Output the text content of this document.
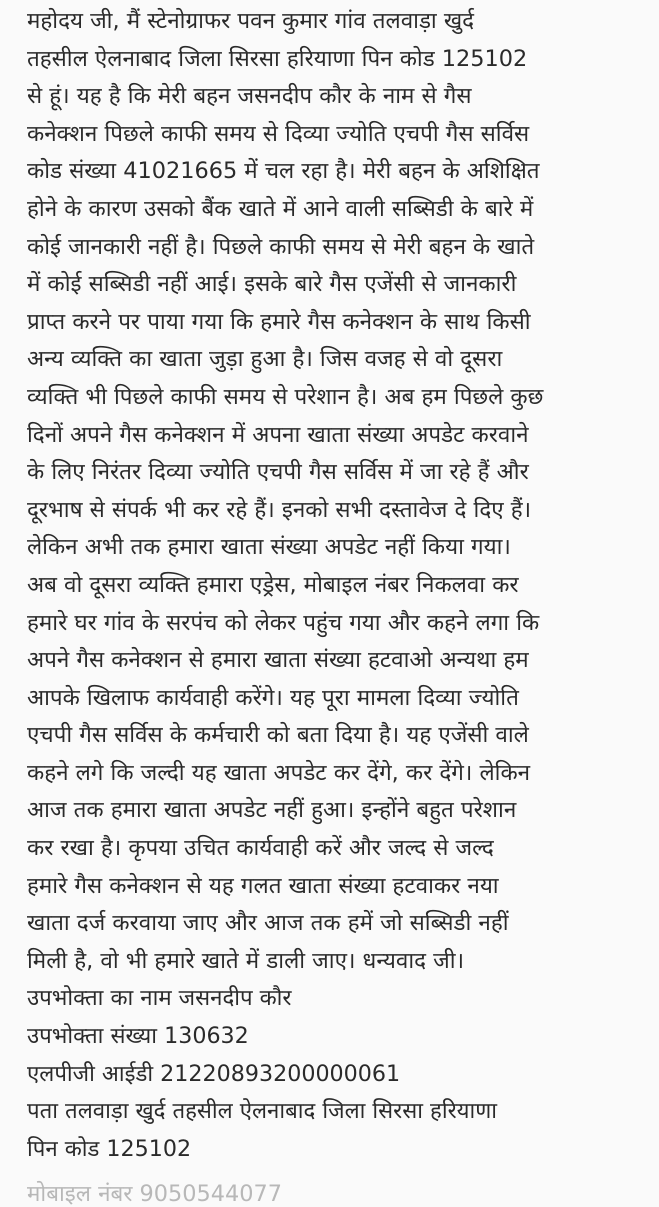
महोदय जी, मैं स्टेनोग्राफर पवन कुमार गांव तलवाड़ा खुर्द
तहसील ऐलनाबाद जिला सिरसा हरियाणा पिन कोड 125102
से हूं। यह है कि मेरी बहन जसनदीप कौर के नाम से गैस
कनेक्शन पिछले काफी समय से दिव्या ज्योति एचपी गैस सर्विस
कोड संख्या 41021665 में चल रहा है। मेरी बहन के अशिक्षित
होने के कारण उसको बैंक खाते में आने वाली सब्सिडी के बारे में
कोई जानकारी नहीं है। पिछले काफी समय से मेरी बहन के खाते
में कोई सब्सिडी नहीं आई। इसके बारे गैस एजेंसी से जानकारी
प्राप्त करने पर पाया गया कि हमारे गैस कनेक्शन के साथ किसी
अन्य व्यक्ति का खाता जुड़ा हुआ है। जिस वजह से वो दूसरा
व्यक्ति भी पिछले काफी समय से परेशान है। अब हम पिछले कुछ
दिनों अपने गैस कनेक्शन में अपना खाता संख्या अपडेट करवाने
के लिए निरंतर दिव्या ज्योति एचपी गैस सर्विस में जा रहे हैं और
दूरभाष से संपर्क भी कर रहे हैं। इनको सभी दस्तावेज दे दिए हैं।
लेकिन अभी तक हमारा खाता संख्या अपडेट नहीं किया गया।
अब वो दूसरा व्यक्ति हमारा एड्रेस, मोबाइल नंबर निकलवा कर
हमारे घर गांव के सरपंच को लेकर पहुंच गया और कहने लगा कि
अपने गैस कनेक्शन से हमारा खाता संख्या हटवाओ अन्यथा हम
आपके खिलाफ कार्यवाही करेंगे। यह पूरा मामला दिव्या ज्योति
एचपी गैस सर्विस के कर्मचारी को बता दिया है। यह एजेंसी वाले
कहने लगे कि जल्दी यह खाता अपडेट कर देंगे, कर देंगे। लेकिन
आज तक हमारा खाता अपडेट नहीं हुआ। इन्होंने बहुत परेशान
कर रखा है। कृपया उचित कार्यवाही करें और जल्द से जल्द
हमारे गैस कनेक्शन से यह गलत खाता संख्या हटवाकर नया
खाता दर्ज करवाया जाए और आज तक हमें जो सब्सिडी नहीं
मिली है, वो भी हमारे खाते में डाली जाए। धन्यवाद जी।
उपभोक्ता का नाम जसनदीप कौर
उपभोक्ता संख्या 130632
एलपीजी आईडी 21220893200000061
पता तलवाड़ा खुर्द तहसील ऐलनाबाद जिला सिरसा हरियाणा
पिन कोड 125102
मोबाइल नंबर 9050544077
